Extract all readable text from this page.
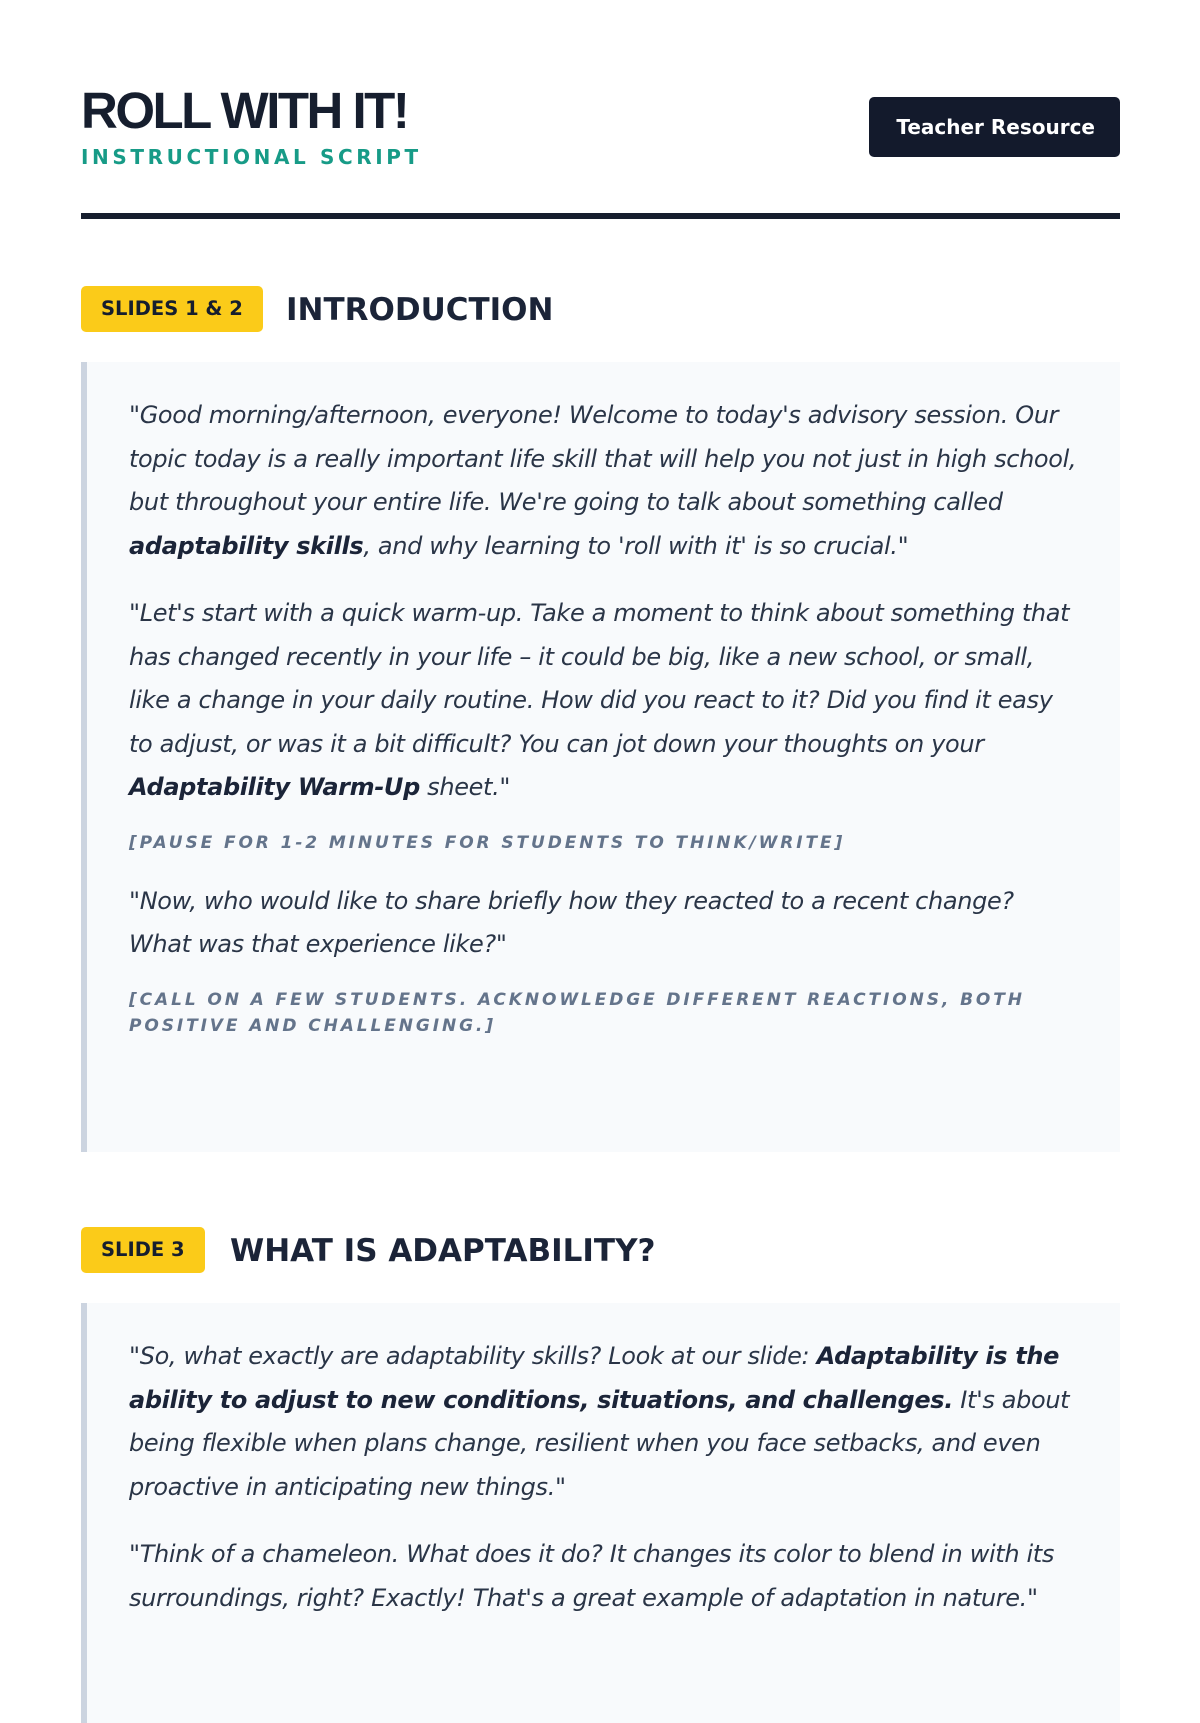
ROLL WITH IT!
INSTRUCTIONAL SCRIPT
Teacher Resource
SLIDES 1 & 2	INTRODUCTION

"Good morning/afternoon, everyone! Welcome to today's advisory session. Our topic today is a really important life skill that will help you not just in high school, but throughout your entire life. We're going to talk about something called adaptability skills, and why learning to 'roll with it' is so crucial."

"Let's start with a quick warm-up. Take a moment to think about something that has changed recently in your life – it could be big, like a new school, or small, like a change in your daily routine. How did you react to it? Did you find it easy to adjust, or was it a bit difficult? You can jot down your thoughts on your Adaptability Warm-Up sheet."

[PAUSE FOR 1-2 MINUTES FOR STUDENTS TO THINK/WRITE]

"Now, who would like to share briefly how they reacted to a recent change? What was that experience like?"

[CALL ON A FEW STUDENTS. ACKNOWLEDGE DIFFERENT REACTIONS, BOTH POSITIVE AND CHALLENGING.]

SLIDE 3	WHAT IS ADAPTABILITY?

"So, what exactly are adaptability skills? Look at our slide: Adaptability is the ability to adjust to new conditions, situations, and challenges. It's about being flexible when plans change, resilient when you face setbacks, and even proactive in anticipating new things."

"Think of a chameleon. What does it do? It changes its color to blend in with its surroundings, right? Exactly! That's a great example of adaptation in nature."
